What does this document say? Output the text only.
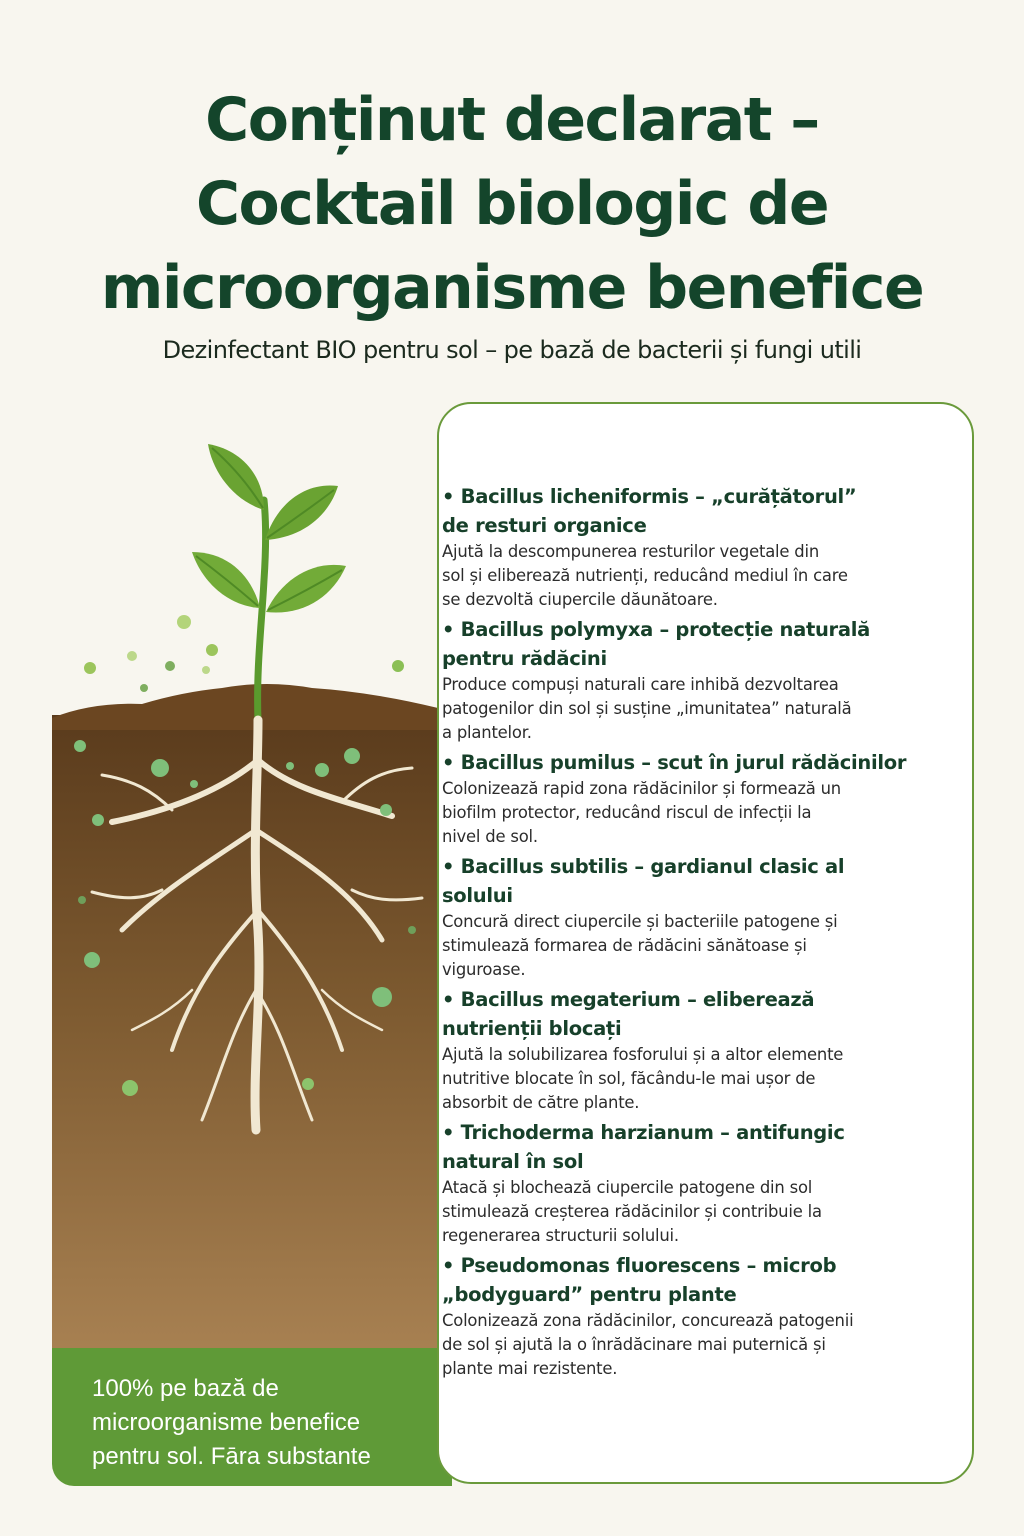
Conținut declarat –
Cocktail biologic de
microorganisme benefice
Dezinfectant BIO pentru sol – pe bază de bacterii și fungi utili
100% pe bază de
microorganisme benefice
pentru sol. Fāra substante
• Bacillus licheniformis – „curățătorul”
de resturi organice
Ajută la descompunerea resturilor vegetale din
sol și eliberează nutrienți, reducând mediul în care
se dezvoltă ciupercile dăunătoare.
• Bacillus polymyxa – protecție naturală
pentru rădăcini
Produce compuși naturali care inhibă dezvoltarea
patogenilor din sol și susține „imunitatea” naturală
a plantelor.
• Bacillus pumilus – scut în jurul rădăcinilor
Colonizează rapid zona rădăcinilor și formează un
biofilm protector, reducând riscul de infecții la
nivel de sol.
• Bacillus subtilis – gardianul clasic al
solului
Concură direct ciupercile și bacteriile patogene și
stimulează formarea de rădăcini sănătoase și
viguroase.
• Bacillus megaterium – eliberează
nutrienții blocați
Ajută la solubilizarea fosforului și a altor elemente
nutritive blocate în sol, făcându-le mai ușor de
absorbit de către plante.
• Trichoderma harzianum – antifungic
natural în sol
Atacă și blochează ciupercile patogene din sol
stimulează creșterea rădăcinilor și contribuie la
regenerarea structurii solului.
• Pseudomonas fluorescens – microb
„bodyguard” pentru plante
Colonizează zona rădăcinilor, concurează patogenii
de sol și ajută la o înrădăcinare mai puternică și
plante mai rezistente.
